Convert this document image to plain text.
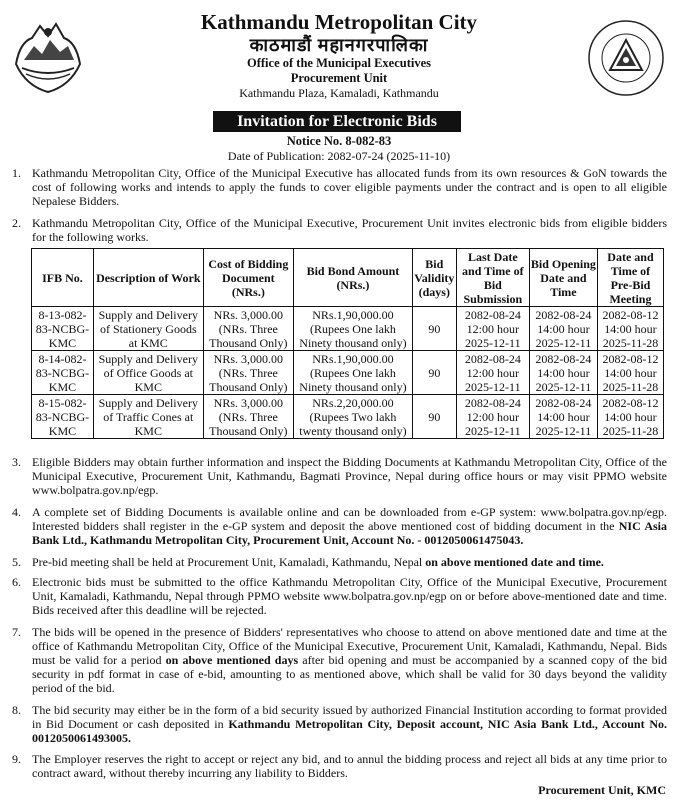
Kathmandu Metropolitan City
काठमाडौं महानगरपालिका
Office of the Municipal Executives
Procurement Unit
Kathmandu Plaza, Kamaladi, Kathmandu
Invitation for Electronic Bids
Notice No. 8-082-83
Date of Publication: 2082-07-24 (2025-11-10)
1. Kathmandu Metropolitan City, Office of the Municipal Executive has allocated funds from its own resources & GoN towards the cost of following works and intends to apply the funds to cover eligible payments under the contract and is open to all eligible Nepalese Bidders.
2. Kathmandu Metropolitan City, Office of the Municipal Executive, Procurement Unit invites electronic bids from eligible bidders for the following works.
IFB No.	Description of Work	Cost of Bidding Document (NRs.)	Bid Bond Amount (NRs.)	Bid Validity (days)	Last Date and Time of Bid Submission	Bid Opening Date and Time	Date and Time of Pre-Bid Meeting
8-13-082-83-NCBG-KMC	Supply and Delivery of Stationery Goods at KMC	NRs. 3,000.00 (NRs. Three Thousand Only)	NRs.1,90,000.00 (Rupees One lakh Ninety thousand only)	90	2082-08-24 12:00 hour 2025-12-11	2082-08-24 14:00 hour 2025-12-11	2082-08-12 14:00 hour 2025-11-28
8-14-082-83-NCBG-KMC	Supply and Delivery of Office Goods at KMC	NRs. 3,000.00 (NRs. Three Thousand Only)	NRs.1,90,000.00 (Rupees One lakh Ninety thousand only)	90	2082-08-24 12:00 hour 2025-12-11	2082-08-24 14:00 hour 2025-12-11	2082-08-12 14:00 hour 2025-11-28
8-15-082-83-NCBG-KMC	Supply and Delivery of Traffic Cones at KMC	NRs. 3,000.00 (NRs. Three Thousand Only)	NRs.2,20,000.00 (Rupees Two lakh twenty thousand only)	90	2082-08-24 12:00 hour 2025-12-11	2082-08-24 14:00 hour 2025-12-11	2082-08-12 14:00 hour 2025-11-28
3. Eligible Bidders may obtain further information and inspect the Bidding Documents at Kathmandu Metropolitan City, Office of the Municipal Executive, Procurement Unit, Kathmandu, Bagmati Province, Nepal during office hours or may visit PPMO website www.bolpatra.gov.np/egp.
4. A complete set of Bidding Documents is available online and can be downloaded from e-GP system: www.bolpatra.gov.np/egp. Interested bidders shall register in the e-GP system and deposit the above mentioned cost of bidding document in the NIC Asia Bank Ltd., Kathmandu Metropolitan City, Procurement Unit, Account No. - 0012050061475043.
5. Pre-bid meeting shall be held at Procurement Unit, Kamaladi, Kathmandu, Nepal on above mentioned date and time.
6. Electronic bids must be submitted to the office Kathmandu Metropolitan City, Office of the Municipal Executive, Procurement Unit, Kamaladi, Kathmandu, Nepal through PPMO website www.bolpatra.gov.np/egp on or before above-mentioned date and time. Bids received after this deadline will be rejected.
7. The bids will be opened in the presence of Bidders' representatives who choose to attend on above mentioned date and time at the office of Kathmandu Metropolitan City, Office of the Municipal Executive, Procurement Unit, Kamaladi, Kathmandu, Nepal. Bids must be valid for a period on above mentioned days after bid opening and must be accompanied by a scanned copy of the bid security in pdf format in case of e-bid, amounting to as mentioned above, which shall be valid for 30 days beyond the validity period of the bid.
8. The bid security may either be in the form of a bid security issued by authorized Financial Institution according to format provided in Bid Document or cash deposited in Kathmandu Metropolitan City, Deposit account, NIC Asia Bank Ltd., Account No. 0012050061493005.
9. The Employer reserves the right to accept or reject any bid, and to annul the bidding process and reject all bids at any time prior to contract award, without thereby incurring any liability to Bidders.
Procurement Unit, KMC
